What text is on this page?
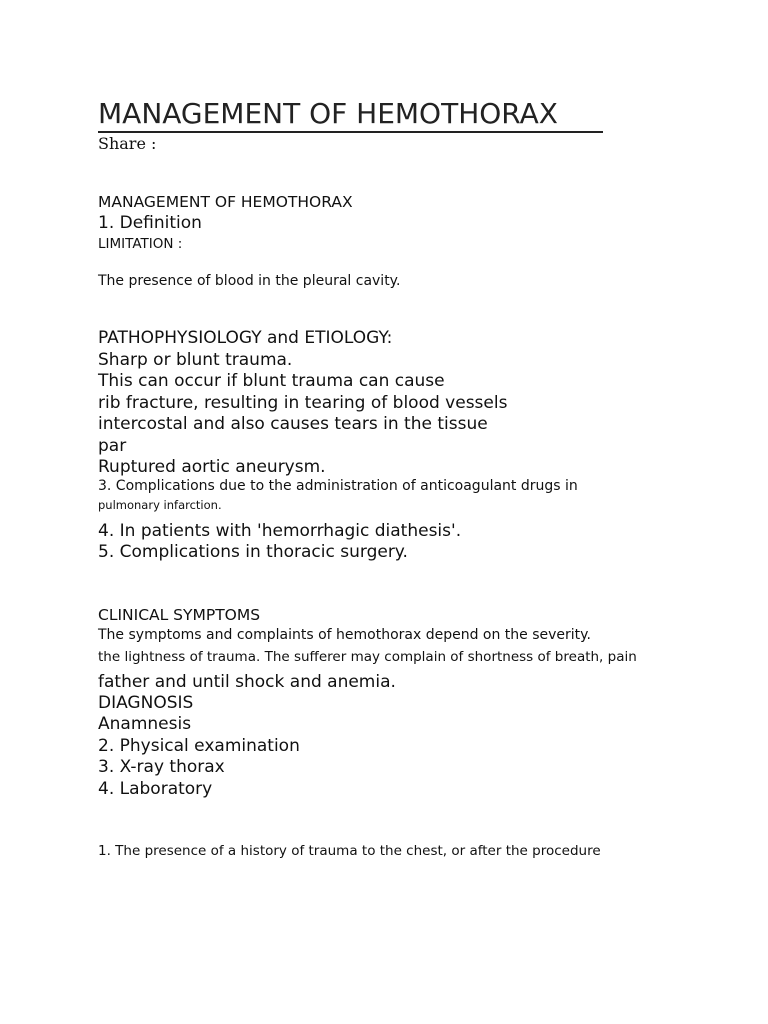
MANAGEMENT OF HEMOTHORAX
Share :
MANAGEMENT OF HEMOTHORAX
1. Definition
LIMITATION :
The presence of blood in the pleural cavity.
PATHOPHYSIOLOGY and ETIOLOGY:
Sharp or blunt trauma.
This can occur if blunt trauma can cause
rib fracture, resulting in tearing of blood vessels
intercostal and also causes tears in the tissue
par
Ruptured aortic aneurysm.
3. Complications due to the administration of anticoagulant drugs in
pulmonary infarction.
4. In patients with 'hemorrhagic diathesis'.
5. Complications in thoracic surgery.
CLINICAL SYMPTOMS
The symptoms and complaints of hemothorax depend on the severity.
the lightness of trauma. The sufferer may complain of shortness of breath, pain
father and until shock and anemia.
DIAGNOSIS
Anamnesis
2. Physical examination
3. X-ray thorax
4. Laboratory
1. The presence of a history of trauma to the chest, or after the procedure
